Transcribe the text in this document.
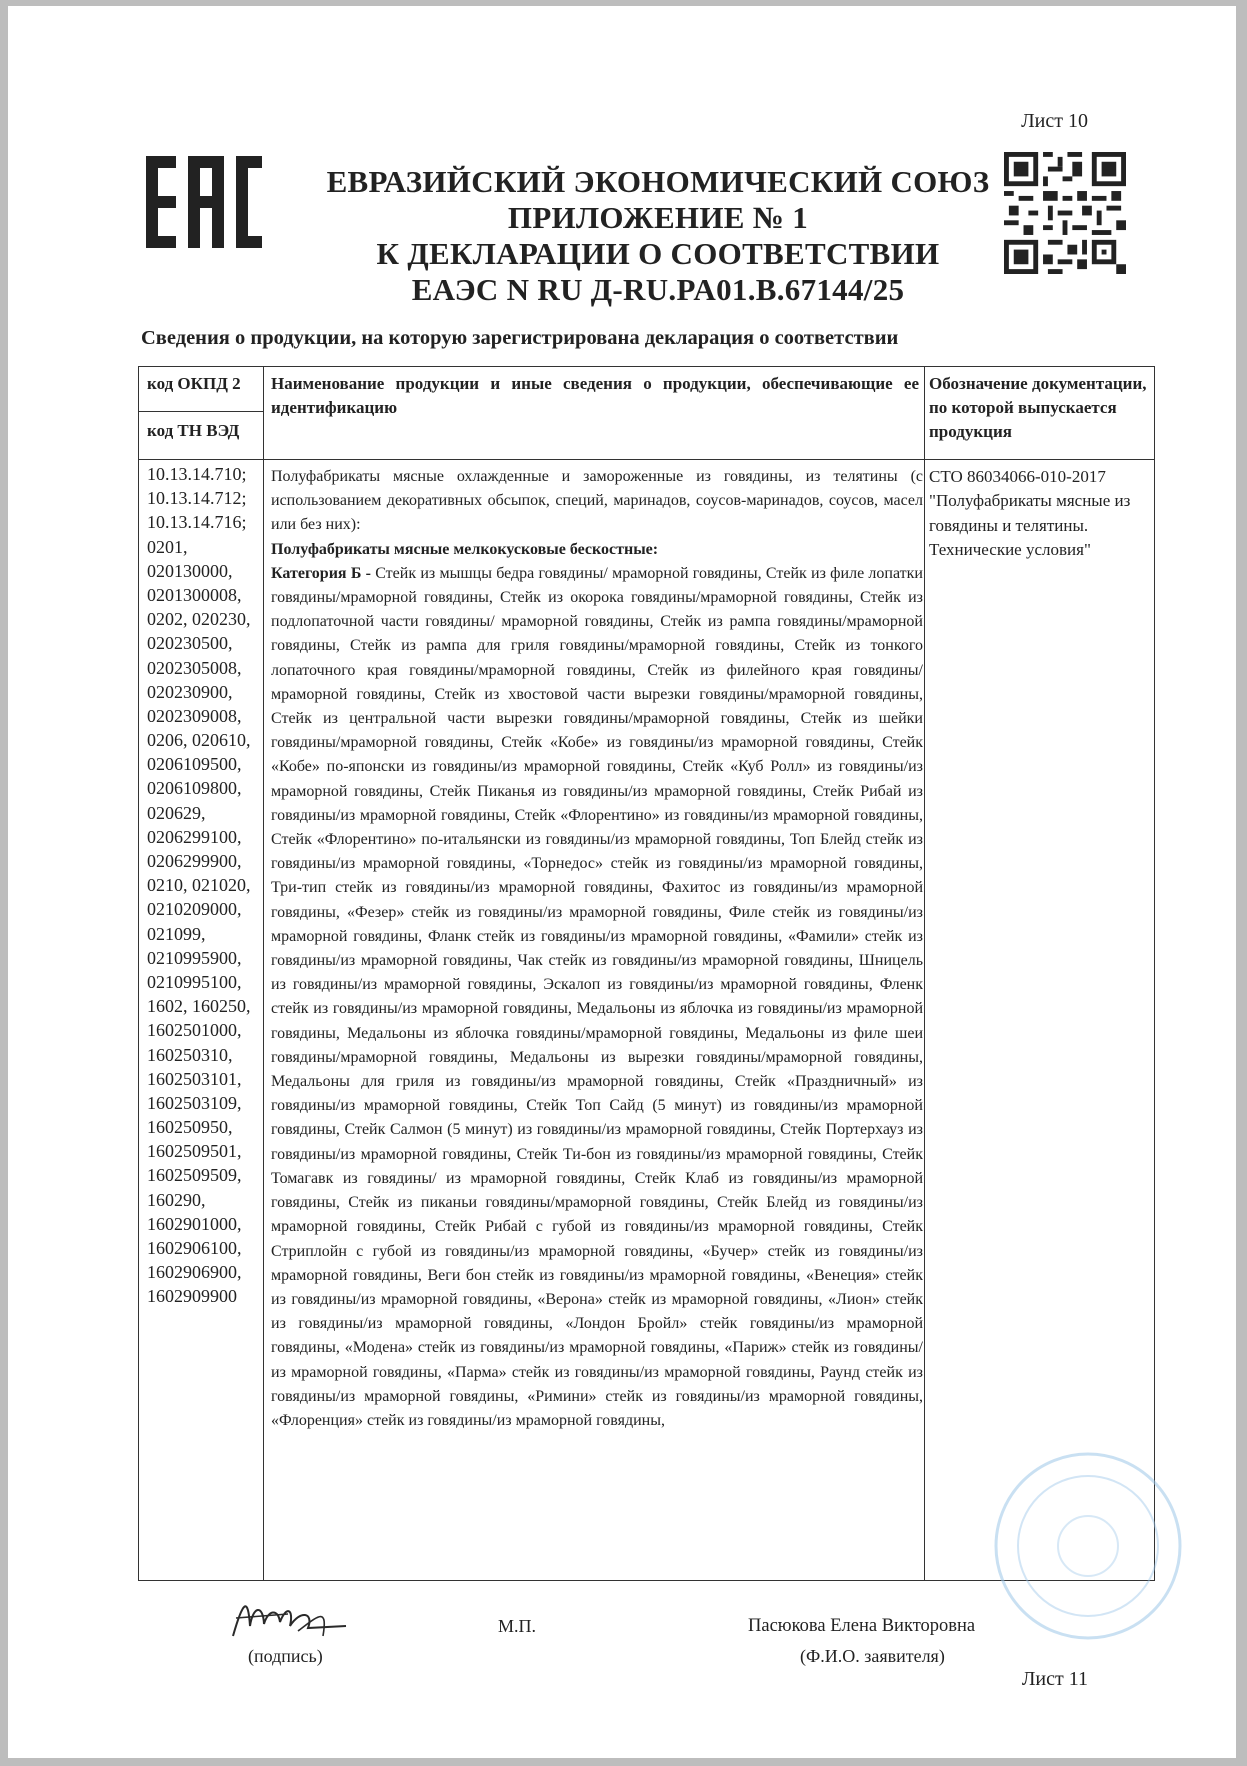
Лист 10
ЕВРАЗИЙСКИЙ ЭКОНОМИЧЕСКИЙ СОЮЗ
ПРИЛОЖЕНИЕ № 1
К ДЕКЛАРАЦИИ О СООТВЕТСТВИИ
ЕАЭС N RU Д-RU.PA01.B.67144/25
Сведения о продукции, на которую зарегистрирована декларация о соответствии
код ОКПД 2
код ТН ВЭД
Наименование продукции и иные сведения о продукции, обеспечивающие ее идентификацию
Обозначение документации, по которой выпускается продукция
10.13.14.710;
10.13.14.712;
10.13.14.716;
0201,
020130000,
0201300008,
0202, 020230,
020230500,
0202305008,
020230900,
0202309008,
0206, 020610,
0206109500,
0206109800,
020629,
0206299100,
0206299900,
0210, 021020,
0210209000,
021099,
0210995900,
0210995100,
1602, 160250,
1602501000,
160250310,
1602503101,
1602503109,
160250950,
1602509501,
1602509509,
160290,
1602901000,
1602906100,
1602906900,
1602909900

Полуфабрикаты мясные охлажденные и замороженные из говядины, из телятины (с использованием декоративных обсыпок, специй, маринадов, соусов-маринадов, соусов, масел или без них):

Полуфабрикаты мясные мелкокусковые бескостные:

Категория Б - Стейк из мышцы бедра говядины/ мраморной говядины, Стейк из филе лопатки говядины/мраморной говядины, Стейк из окорока говядины/мраморной говядины, Стейк из подлопаточной части говядины/ мраморной говядины, Стейк из рампа говядины/мраморной говядины, Стейк из рампа для гриля говядины/мраморной говядины, Стейк из тонкого лопаточного края говядины/мраморной говядины, Стейк из филейного края говядины/мраморной говядины, Стейк из хвостовой части вырезки говядины/мраморной говядины, Стейк из центральной части вырезки говядины/мраморной говядины, Стейк из шейки говядины/мраморной говядины, Стейк «Кобе» из говядины/из мраморной говядины, Стейк «Кобе» по-японски из говядины/из мраморной говядины, Стейк «Куб Ролл» из говядины/из мраморной говядины, Стейк Пиканья из говядины/из мраморной говядины, Стейк Рибай из говядины/из мраморной говядины, Стейк «Флорентино» из говядины/из мраморной говядины, Стейк «Флорентино» по-итальянски из говядины/из мраморной говядины, Топ Блейд стейк из говядины/из мраморной говядины, «Торнедос» стейк из говядины/из мраморной говядины, Три-тип стейк из говядины/из мраморной говядины, Фахитос из говядины/из мраморной говядины, «Фезер» стейк из говядины/из мраморной говядины, Филе стейк из говядины/из мраморной говядины, Фланк стейк из говядины/из мраморной говядины, «Фамили» стейк из говядины/из мраморной говядины, Чак стейк из говядины/из мраморной говядины, Шницель из говядины/из мраморной говядины, Эскалоп из говядины/из мраморной говядины, Фленк стейк из говядины/из мраморной говядины, Медальоны из яблочка из говядины/из мраморной говядины, Медальоны из яблочка говядины/мраморной говядины, Медальоны из филе шеи говядины/мраморной говядины, Медальоны из вырезки говядины/мраморной говядины, Медальоны для гриля из говядины/из мраморной говядины, Стейк «Праздничный» из говядины/из мраморной говядины, Стейк Топ Сайд (5 минут) из говядины/из мраморной говядины, Стейк Салмон (5 минут) из говядины/из мраморной говядины, Стейк Портерхауз из говядины/из мраморной говядины, Стейк Ти-бон из говядины/из мраморной говядины, Стейк Томагавк из говядины/ из мраморной говядины, Стейк Клаб из говядины/из мраморной говядины, Стейк из пиканьи говядины/мраморной говядины, Стейк Блейд из говядины/из мраморной говядины, Стейк Рибай с губой из говядины/из мраморной говядины, Стейк Стриплойн с губой из говядины/из мраморной говядины, «Бучер» стейк из говядины/из мраморной говядины, Веги бон стейк из говядины/из мраморной говядины, «Венеция» стейк из говядины/из мраморной говядины, «Верона» стейк из мраморной говядины, «Лион» стейк из говядины/из мраморной говядины, «Лондон Бройл» стейк говядины/из мраморной говядины, «Модена» стейк из говядины/из мраморной говядины, «Париж» стейк из говядины/из мраморной говядины, «Парма» стейк из говядины/из мраморной говядины, Раунд стейк из говядины/из мраморной говядины, «Римини» стейк из говядины/из мраморной говядины, «Флоренция» стейк из говядины/из мраморной говядины,

СТО 86034066-010-2017 "Полуфабрикаты мясные из говядины и телятины. Технические условия"
(подпись)
М.П.	Пасюкова Елена Викторовна
(Ф.И.О. заявителя)
Лист 11
